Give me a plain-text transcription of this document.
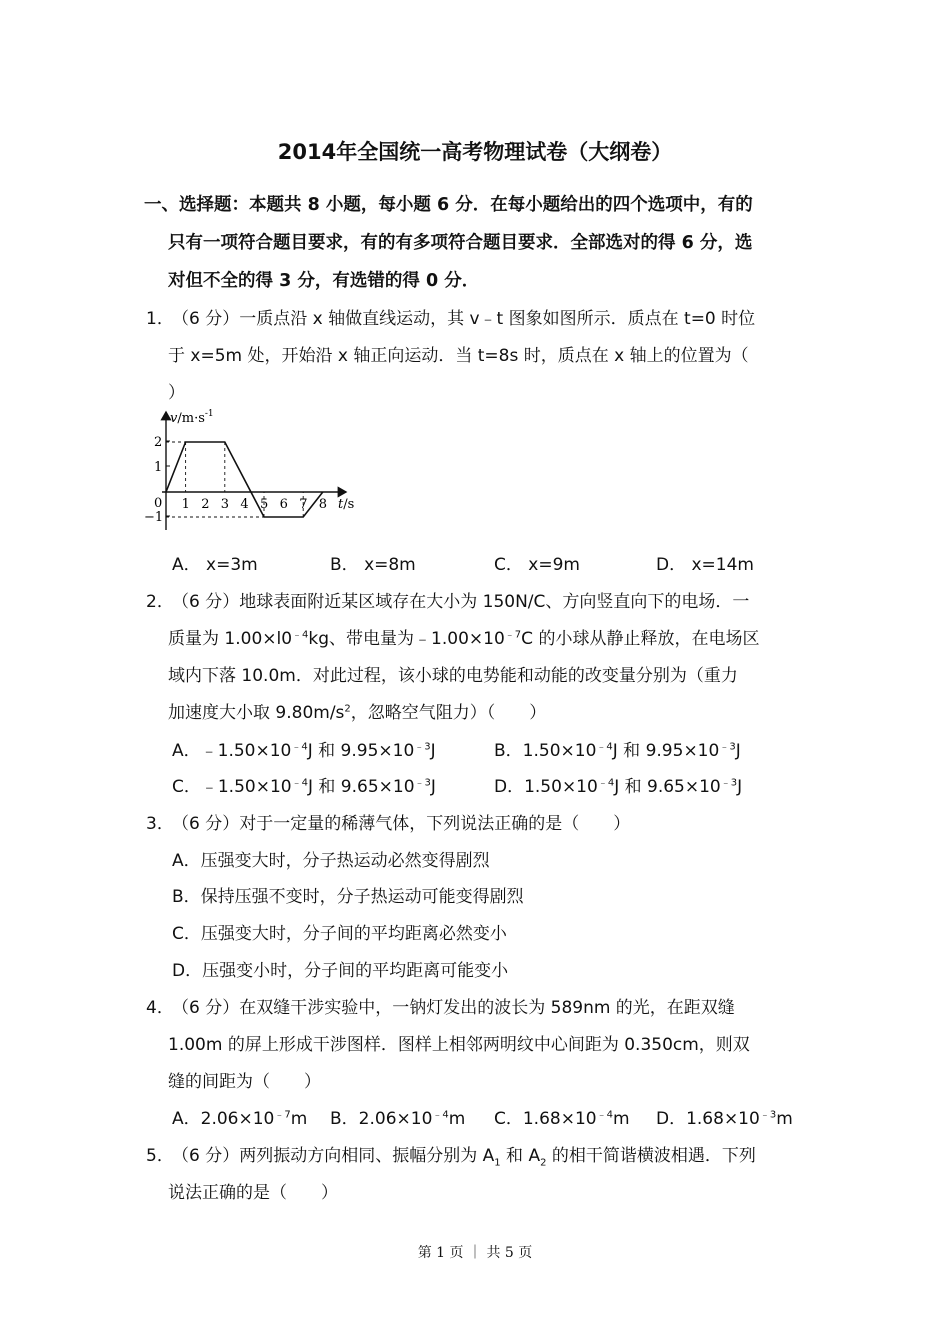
2014年全国统一高考物理试卷（大纲卷）
一、选择题：本题共 8 小题，每小题 6 分．在每小题给出的四个选项中，有的
只有一项符合题目要求，有的有多项符合题目要求．全部选对的得 6 分，选
对但不全的得 3 分，有选错的得 0 分．
1．
（6 分）一质点沿 x 轴做直线运动，其 v﹣t 图象如图所示．质点在 t=0 时位
于 x=5m 处，开始沿 x 轴正向运动．当 t=8s 时，质点在 x 轴上的位置为（
）
$v/m\cdot s^{-1}$
t/s
2
1
0
−1
1 2 3 4 5 6 7 8
A． x=3m	B． x=8m	C． x=9m	D． x=14m
2．
（6 分）地球表面附近某区域存在大小为 150N/C、方向竖直向下的电场．一
质量为 $1.00\times l0^{﹣4}kg$、带电量为$﹣1.00\times 10^{﹣7}C$ 的小球从静止释放，在电场区
域内下落 10.0m．对此过程，该小球的电势能和动能的改变量分别为（重力
加速度大小取 $9.80m/s^2$，忽略空气阻力）（　　）
A．$﹣1.50\times 10^{﹣4}J$ 和 $9.95\times 10^{﹣3}J$	B．$1.50\times 10^{﹣4}J$ 和 $9.95\times 10^{﹣3}J$
C．$﹣1.50\times 10^{﹣4}J$ 和 $9.65\times 10^{﹣3}J$	D．$1.50\times 10^{﹣4}J$ 和 $9.65\times 10^{﹣3}J$
3．
（6 分）对于一定量的稀薄气体，下列说法正确的是（　　）
A．压强变大时，分子热运动必然变得剧烈
B．保持压强不变时，分子热运动可能变得剧烈
C．压强变大时，分子间的平均距离必然变小
D．压强变小时，分子间的平均距离可能变小
4．
（6 分）在双缝干涉实验中，一钠灯发出的波长为 589nm 的光，在距双缝
1.00m 的屏上形成干涉图样．图样上相邻两明纹中心间距为 0.350cm，则双
缝的间距为（　　）
A．$2.06\times 10^{﹣7}m$ B．$2.06\times 10^{﹣4}m$ C．$1.68\times 10^{﹣4}m$ D．$1.68\times 10^{﹣3}m$
5．
（6 分）两列振动方向相同、振幅分别为 $A_1$ 和 $A_2$ 的相干简谐横波相遇．下列
说法正确的是（　　）
第 1 页 ｜ 共 5 页
